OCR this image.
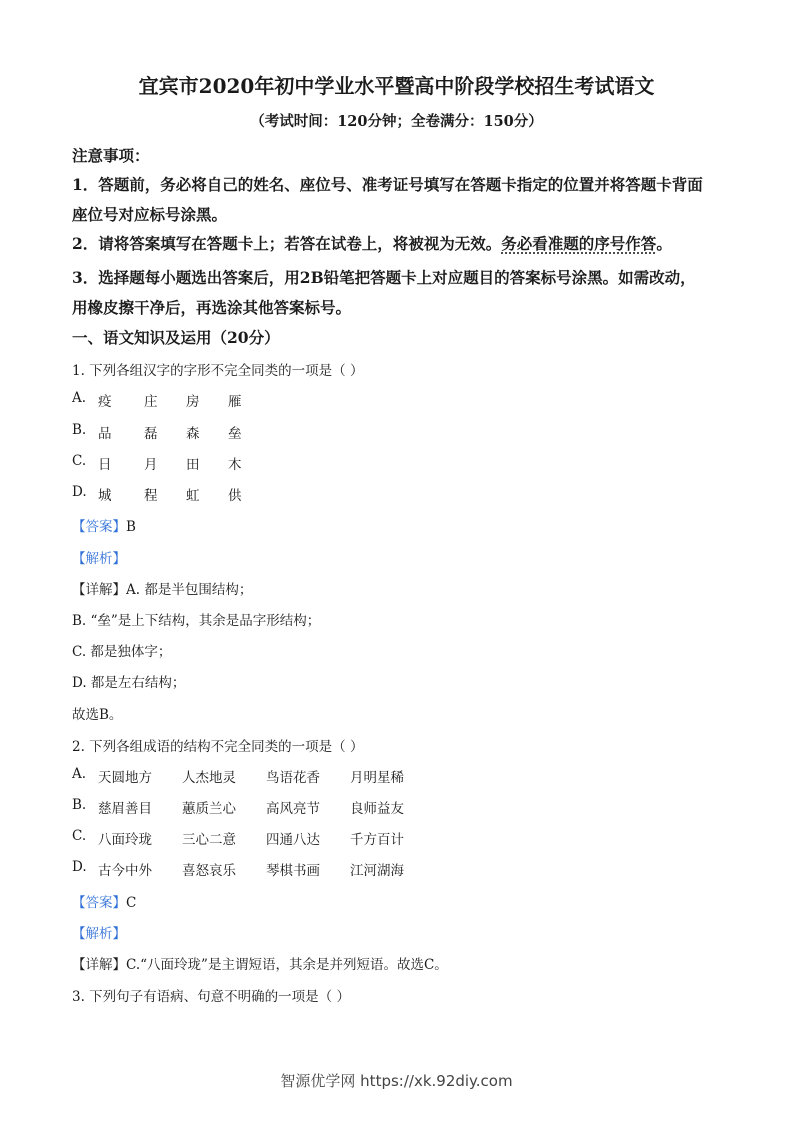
宜宾市2020年初中学业水平暨高中阶段学校招生考试语文
（考试时间：120分钟；全卷满分：150分）
注意事项：
1．答题前，务必将自己的姓名、座位号、准考证号填写在答题卡指定的位置并将答题卡背面
座位号对应标号涂黑。
2．请将答案填写在答题卡上；若答在试卷上，将被视为无效。务必看准题的序号作答。
3．选择题每小题选出答案后，用2B铅笔把答题卡上对应题目的答案标号涂黑。如需改动，
用橡皮擦干净后，再选涂其他答案标号。
一、语文知识及运用（20分）
1. 下列各组汉字的字形不完全同类的一项是（ ）
A. 疫	庄	房	雁
B. 品	磊	森	垒
C. 日	月	田	木
D. 城	程	虹	供
【答案】B
【解析】
【详解】A. 都是半包围结构；
B. “垒”是上下结构，其余是品字形结构；
C. 都是独体字；
D. 都是左右结构；
故选B。
2. 下列各组成语的结构不完全同类的一项是（ ）
A. 天圆地方	人杰地灵	鸟语花香	月明星稀
B. 慈眉善目	蕙质兰心	高风亮节	良师益友
C. 八面玲珑	三心二意	四通八达	千方百计
D. 古今中外	喜怒哀乐	琴棋书画	江河湖海
【答案】C
【解析】
【详解】C.“八面玲珑”是主谓短语，其余是并列短语。故选C。
3. 下列句子有语病、句意不明确的一项是（ ）
智源优学网 https://xk.92diy.com
